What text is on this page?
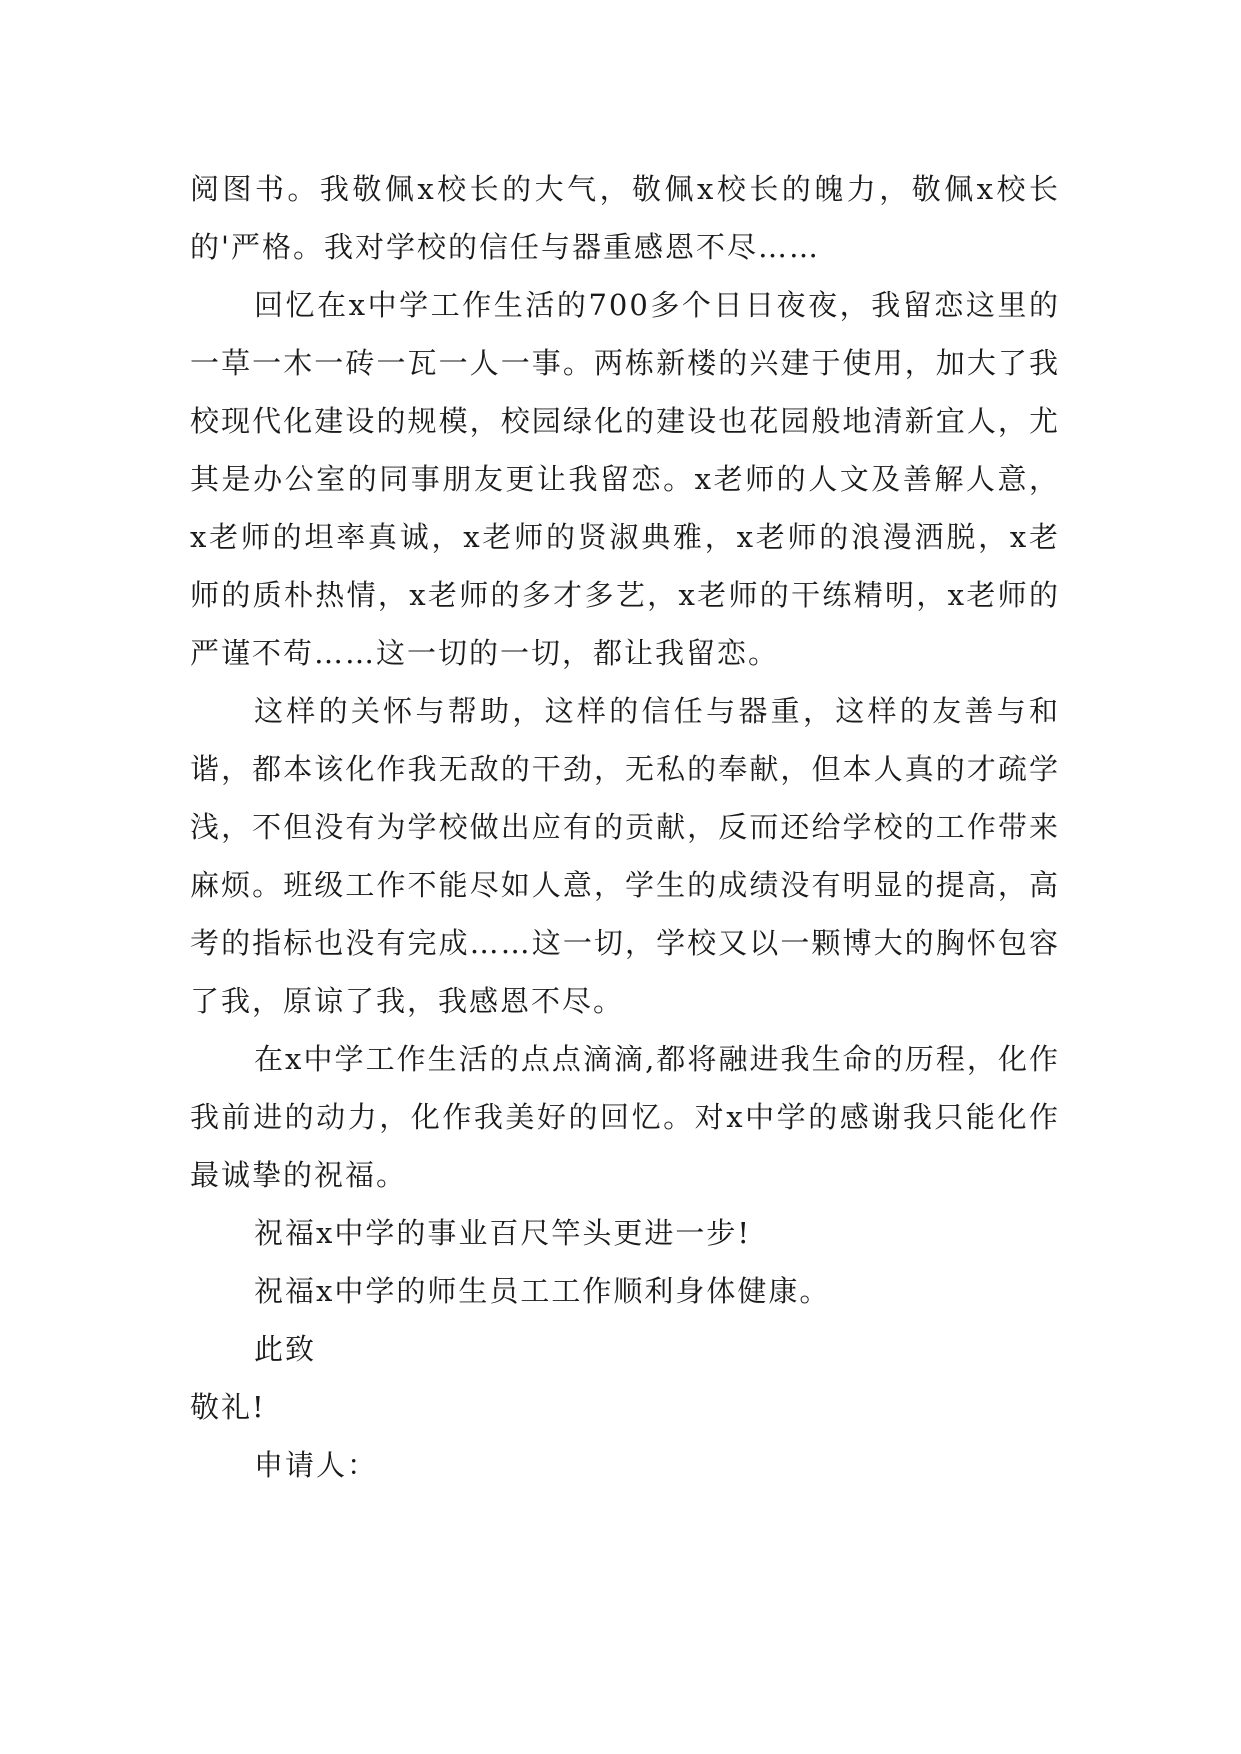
阅图书。我敬佩x校长的大气，敬佩x校长的魄力，敬佩x校长的'严格。我对学校的信任与器重感恩不尽……

回忆在x中学工作生活的700多个日日夜夜，我留恋这里的一草一木一砖一瓦一人一事。两栋新楼的兴建于使用，加大了我校现代化建设的规模，校园绿化的建设也花园般地清新宜人，尤其是办公室的同事朋友更让我留恋。x老师的人文及善解人意，x老师的坦率真诚，x老师的贤淑典雅，x老师的浪漫洒脱，x老师的质朴热情，x老师的多才多艺，x老师的干练精明，x老师的严谨不苟……这一切的一切，都让我留恋。

这样的关怀与帮助，这样的信任与器重，这样的友善与和谐，都本该化作我无敌的干劲，无私的奉献，但本人真的才疏学浅，不但没有为学校做出应有的贡献，反而还给学校的工作带来麻烦。班级工作不能尽如人意，学生的成绩没有明显的提高，高考的指标也没有完成……这一切，学校又以一颗博大的胸怀包容了我，原谅了我，我感恩不尽。

在x中学工作生活的点点滴滴,都将融进我生命的历程，化作我前进的动力，化作我美好的回忆。对x中学的感谢我只能化作最诚挚的祝福。

祝福x中学的事业百尺竿头更进一步!

祝福x中学的师生员工工作顺利身体健康。

此致

敬礼!

申请人：
